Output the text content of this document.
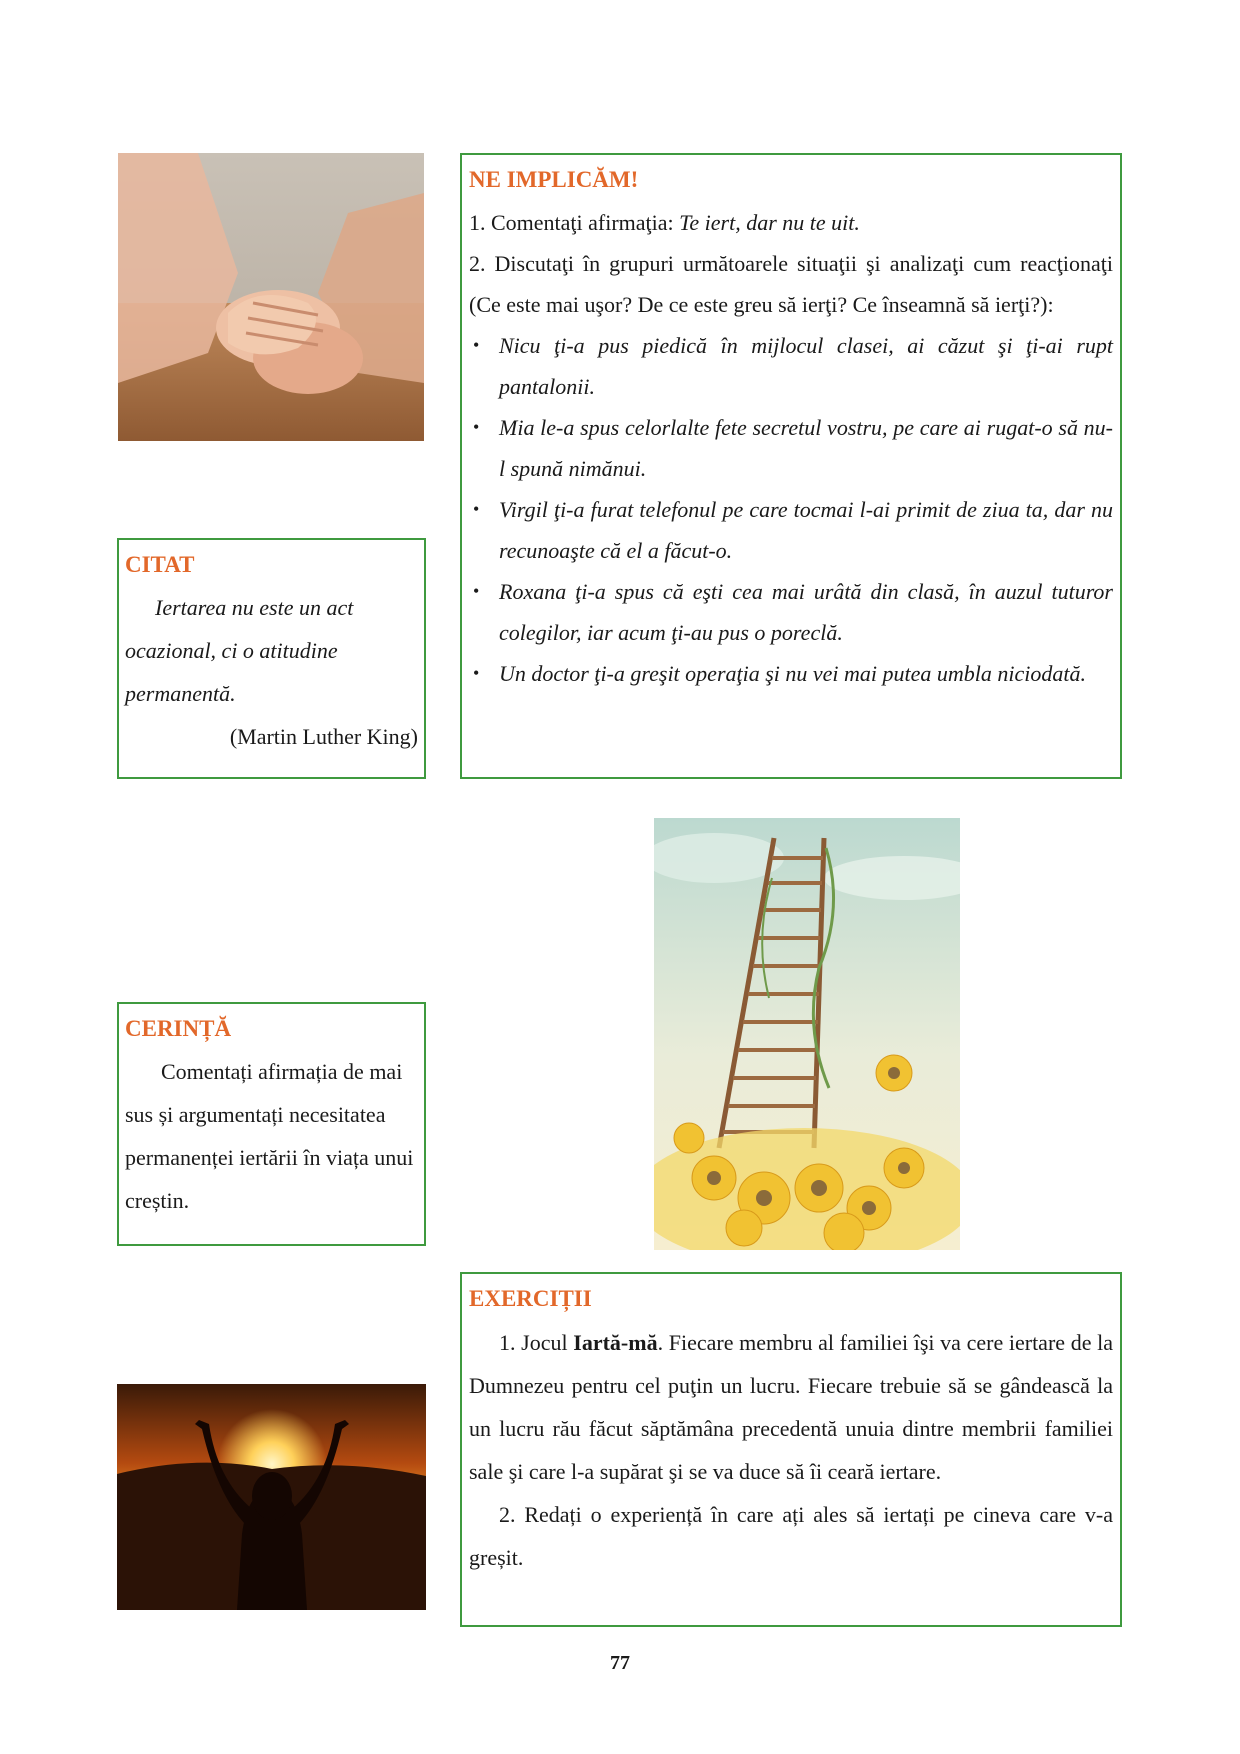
NE IMPLICĂM!

1. Comentaţi afirmaţia: Te iert, dar nu te uit.

2. Discutaţi în grupuri următoarele situaţii şi analizaţi cum reacţionaţi (Ce este mai uşor? De ce este greu să ierţi? Ce înseamnă să ierţi?):

• Nicu ţi-a pus piedică în mijlocul clasei, ai căzut şi ţi-ai rupt pantalonii.
• Mia le-a spus celorlalte fete secretul vostru, pe care ai rugat-o să nu-l spună nimănui.
• Virgil ţi-a furat telefonul pe care tocmai l-ai primit de ziua ta, dar nu recunoaşte că el a făcut-o.
• Roxana ţi-a spus că eşti cea mai urâtă din clasă, în auzul tuturor colegilor, iar acum ţi-au pus o poreclă.
• Un doctor ţi-a greşit operaţia şi nu vei mai putea umbla niciodată.

CITAT

Iertarea nu este un act ocazional, ci o atitudine permanentă.

(Martin Luther King)

CERINȚĂ

Comentați afirmația de mai sus și argumentați necesitatea permanenței iertării în viața unui creștin.

EXERCIȚII

1. Jocul Iartă-mă. Fiecare membru al familiei îşi va cere iertare de la Dumnezeu pentru cel puţin un lucru. Fiecare trebuie să se gândească la un lucru rău făcut săptămâna precedentă unuia dintre membrii familiei sale şi care l-a supărat şi se va duce să îi ceară iertare.

2. Redați o experiență în care ați ales să iertați pe cineva care v-a greșit.

77
